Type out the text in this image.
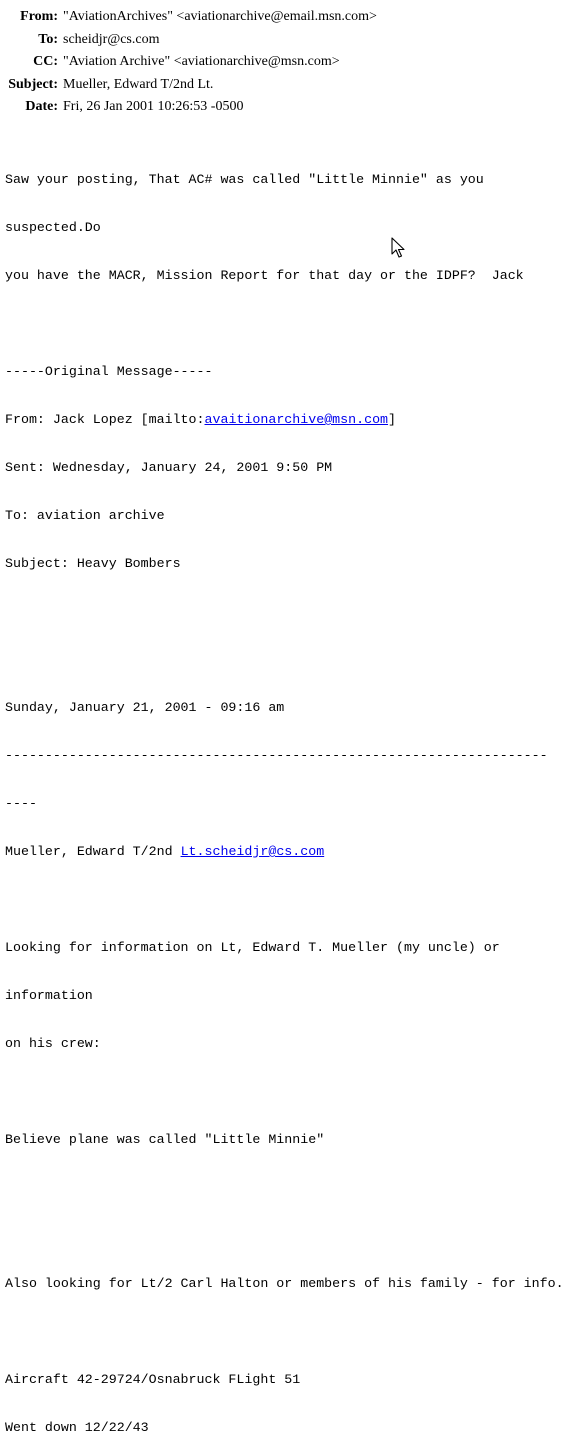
From: "AviationArchives" <aviationarchive@email.msn.com>
To: scheidjr@cs.com
CC: "Aviation Archive" <aviationarchive@msn.com>
Subject: Mueller, Edward T/2nd Lt.
Date: Fri, 26 Jan 2001 10:26:53 -0500

Saw your posting, That AC# was called "Little Minnie" as you

suspected.Do

you have the MACR, Mission Report for that day or the IDPF?  Jack

-----Original Message-----

From: Jack Lopez [mailto:avaitionarchive@msn.com]

Sent: Wednesday, January 24, 2001 9:50 PM

To: aviation archive

Subject: Heavy Bombers

Sunday, January 21, 2001 - 09:16 am

--------------------------------------------------------------------

----

Mueller, Edward T/2nd Lt.scheidjr@cs.com

Looking for information on Lt, Edward T. Mueller (my uncle) or

information

on his crew:

Believe plane was called "Little Minnie"

Also looking for Lt/2 Carl Halton or members of his family - for info.

Aircraft 42-29724/Osnabruck FLight 51

Went down 12/22/43
